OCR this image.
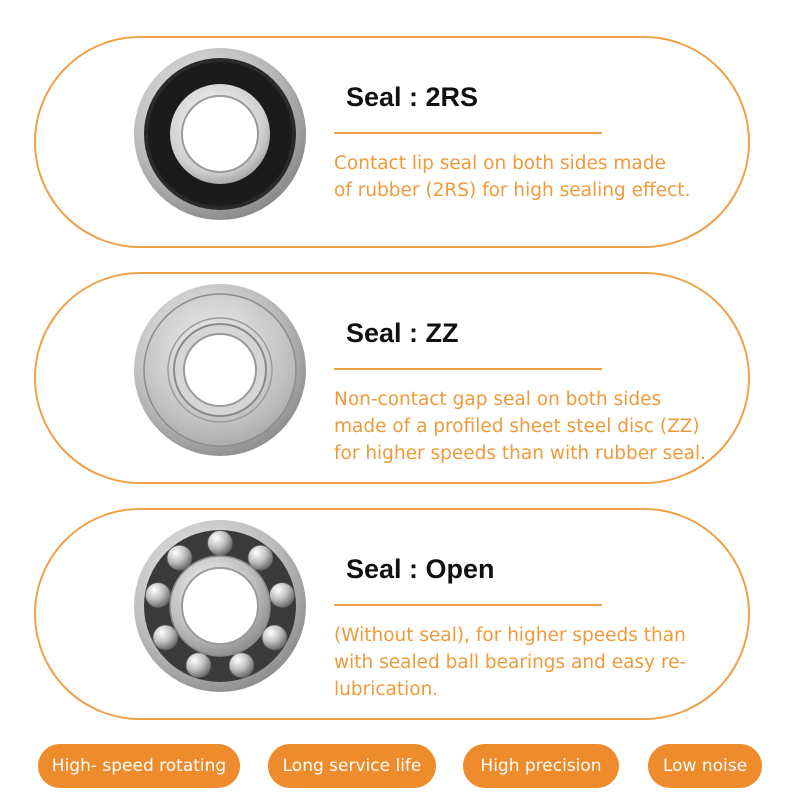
Seal : 2RS

Contact lip seal on both sides made
of rubber (2RS) for high sealing effect.

Seal : ZZ

Non-contact gap seal on both sides
made of a profiled sheet steel disc (ZZ)
for higher speeds than with rubber seal.

Seal : Open

(Without seal), for higher speeds than
with sealed ball bearings and easy re-
lubrication.

High- speed rotating	Long service life	High precision	Low noise
